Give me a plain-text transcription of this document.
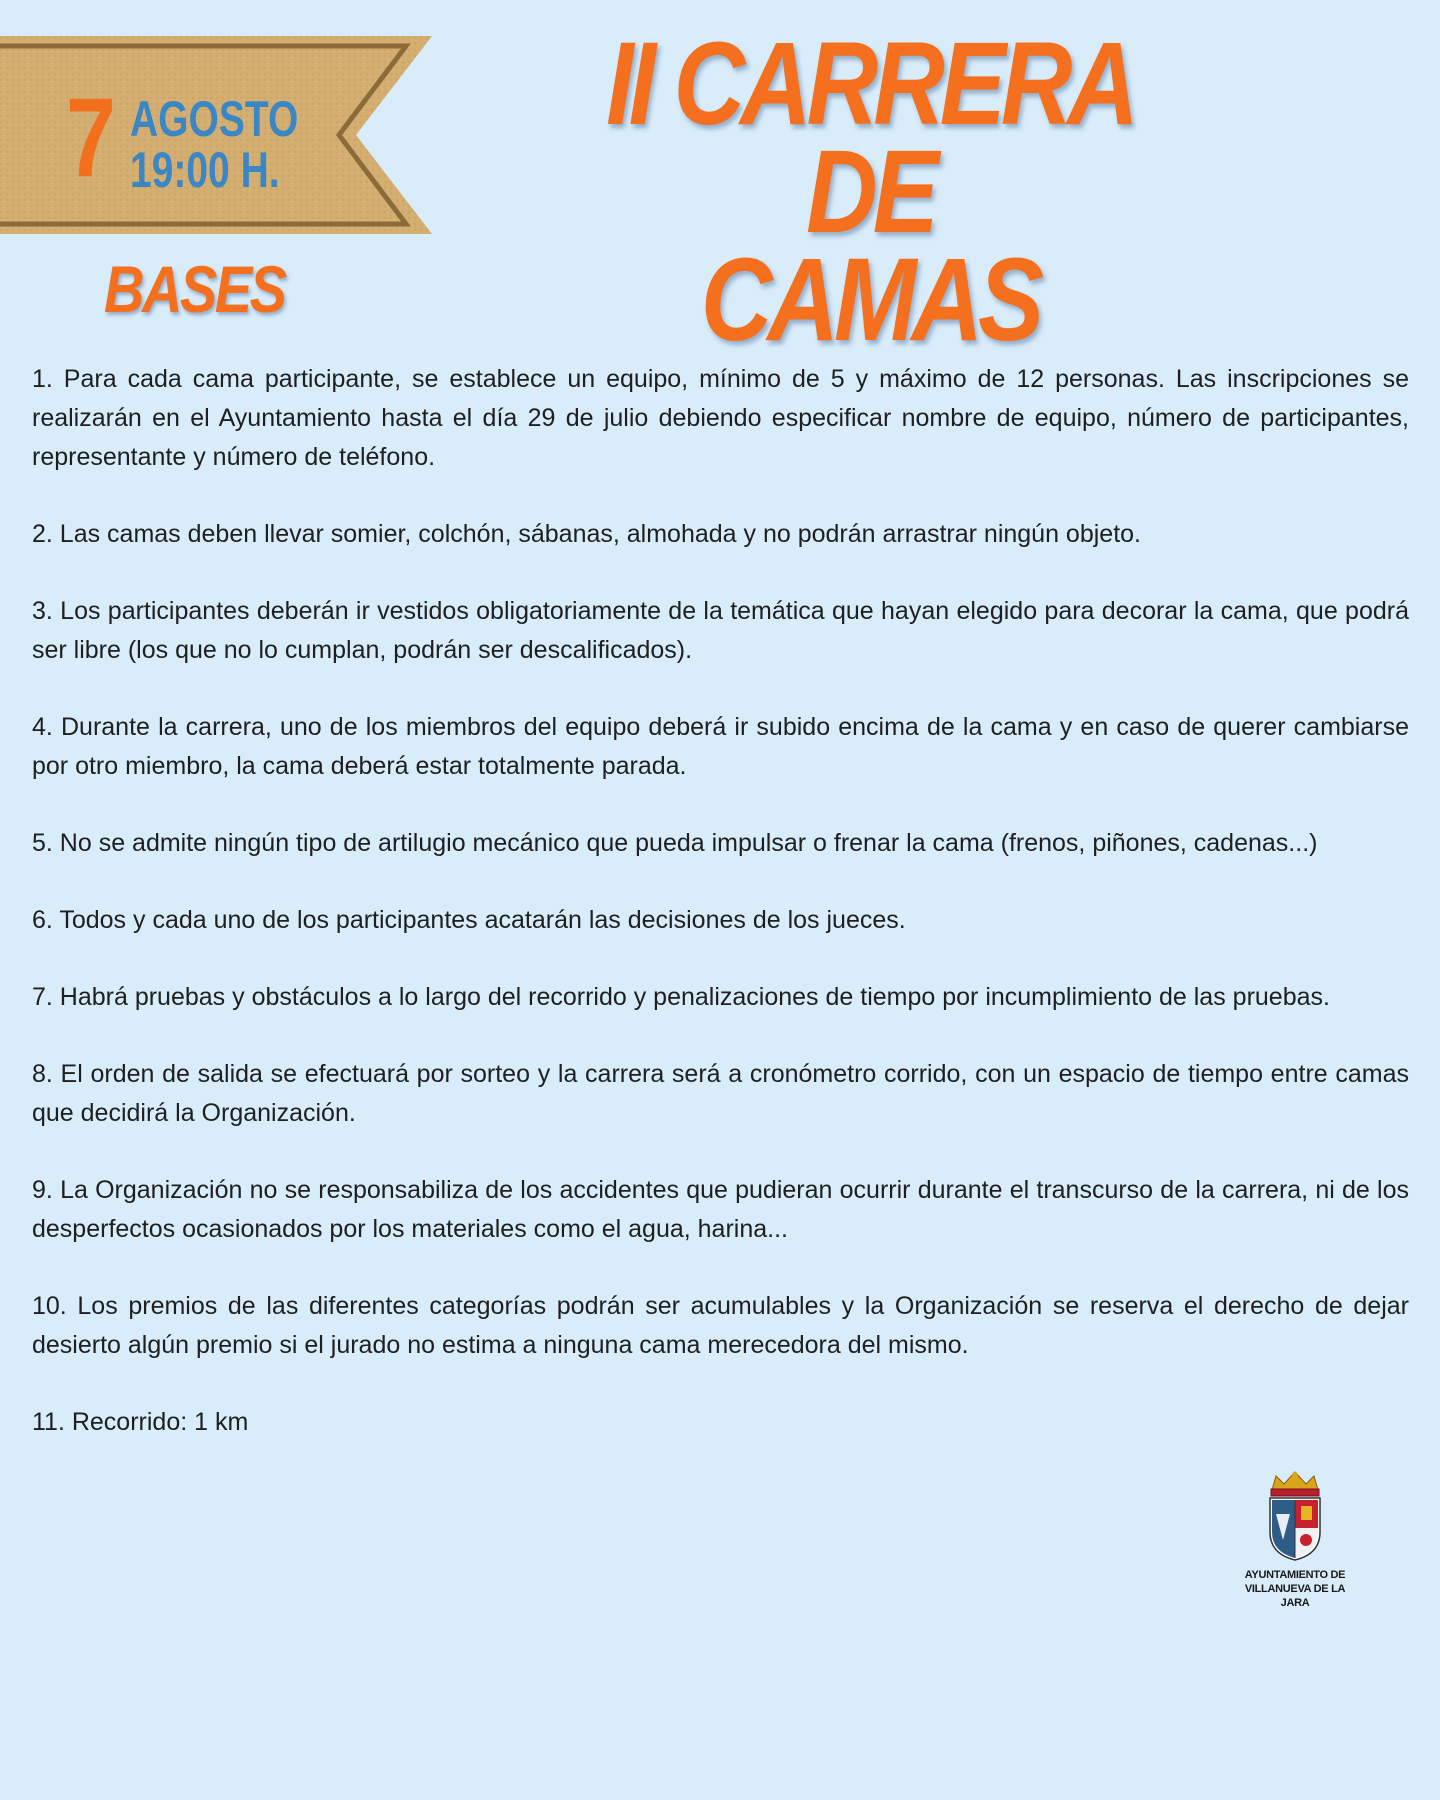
7 AGOSTO
19:00 H.
II CARRERA DE
CAMAS
BASES
1. Para cada cama participante, se establece un equipo, mínimo de 5 y máximo de 12 personas. Las inscripciones se realizarán en el Ayuntamiento hasta el día 29 de julio debiendo especificar nombre de equipo, número de participantes, representante y número de teléfono.
2. Las camas deben llevar somier, colchón, sábanas, almohada y no podrán arrastrar ningún objeto.
3. Los participantes deberán ir vestidos obligatoriamente de la temática que hayan elegido para decorar la cama, que podrá ser libre (los que no lo cumplan, podrán ser descalificados).
4. Durante la carrera, uno de los miembros del equipo deberá ir subido encima de la cama y en caso de querer cambiarse por otro miembro, la cama deberá estar totalmente parada.
5. No se admite ningún tipo de artilugio mecánico que pueda impulsar o frenar la cama (frenos, piñones, cadenas...)
6. Todos y cada uno de los participantes acatarán las decisiones de los jueces.
7. Habrá pruebas y obstáculos a lo largo del recorrido y penalizaciones de tiempo por incumplimiento de las pruebas.
8. El orden de salida se efectuará por sorteo y la carrera será a cronómetro corrido, con un espacio de tiempo entre camas que decidirá la Organización.
9. La Organización no se responsabiliza de los accidentes que pudieran ocurrir durante el transcurso de la carrera, ni de los desperfectos ocasionados por los materiales como el agua, harina...
10. Los premios de las diferentes categorías podrán ser acumulables y la Organización se reserva el derecho de dejar desierto algún premio si el jurado no estima a ninguna cama merecedora del mismo.
11. Recorrido: 1 km
AYUNTAMIENTO DE
VILLANUEVA DE LA JARA
